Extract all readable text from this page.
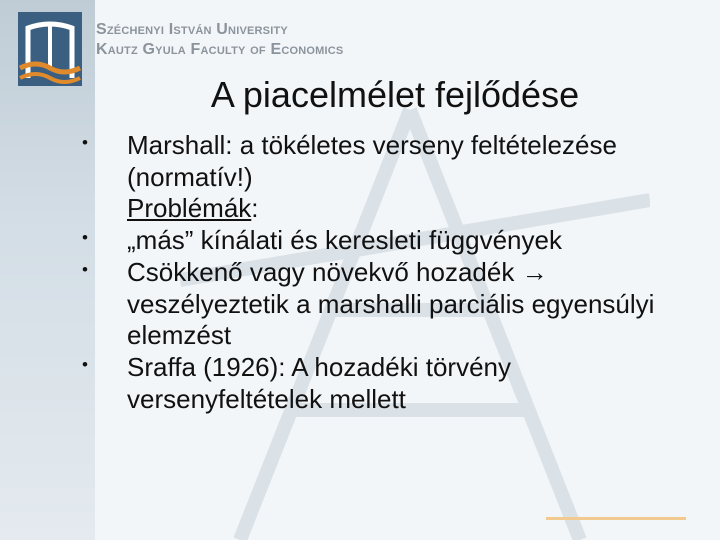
Széchenyi István University

Kautz Gyula Faculty of Economics

A piacelmélet fejlődése
• Marshall: a tökéletes verseny feltételezése (normatív!)
Problémák:
• „más” kínálati és keresleti függvények
• Csökkenő vagy növekvő hozadék → veszélyeztetik a marshalli parciális egyensúlyi elemzést
• Sraffa (1926): A hozadéki törvény versenyfeltételek mellett
